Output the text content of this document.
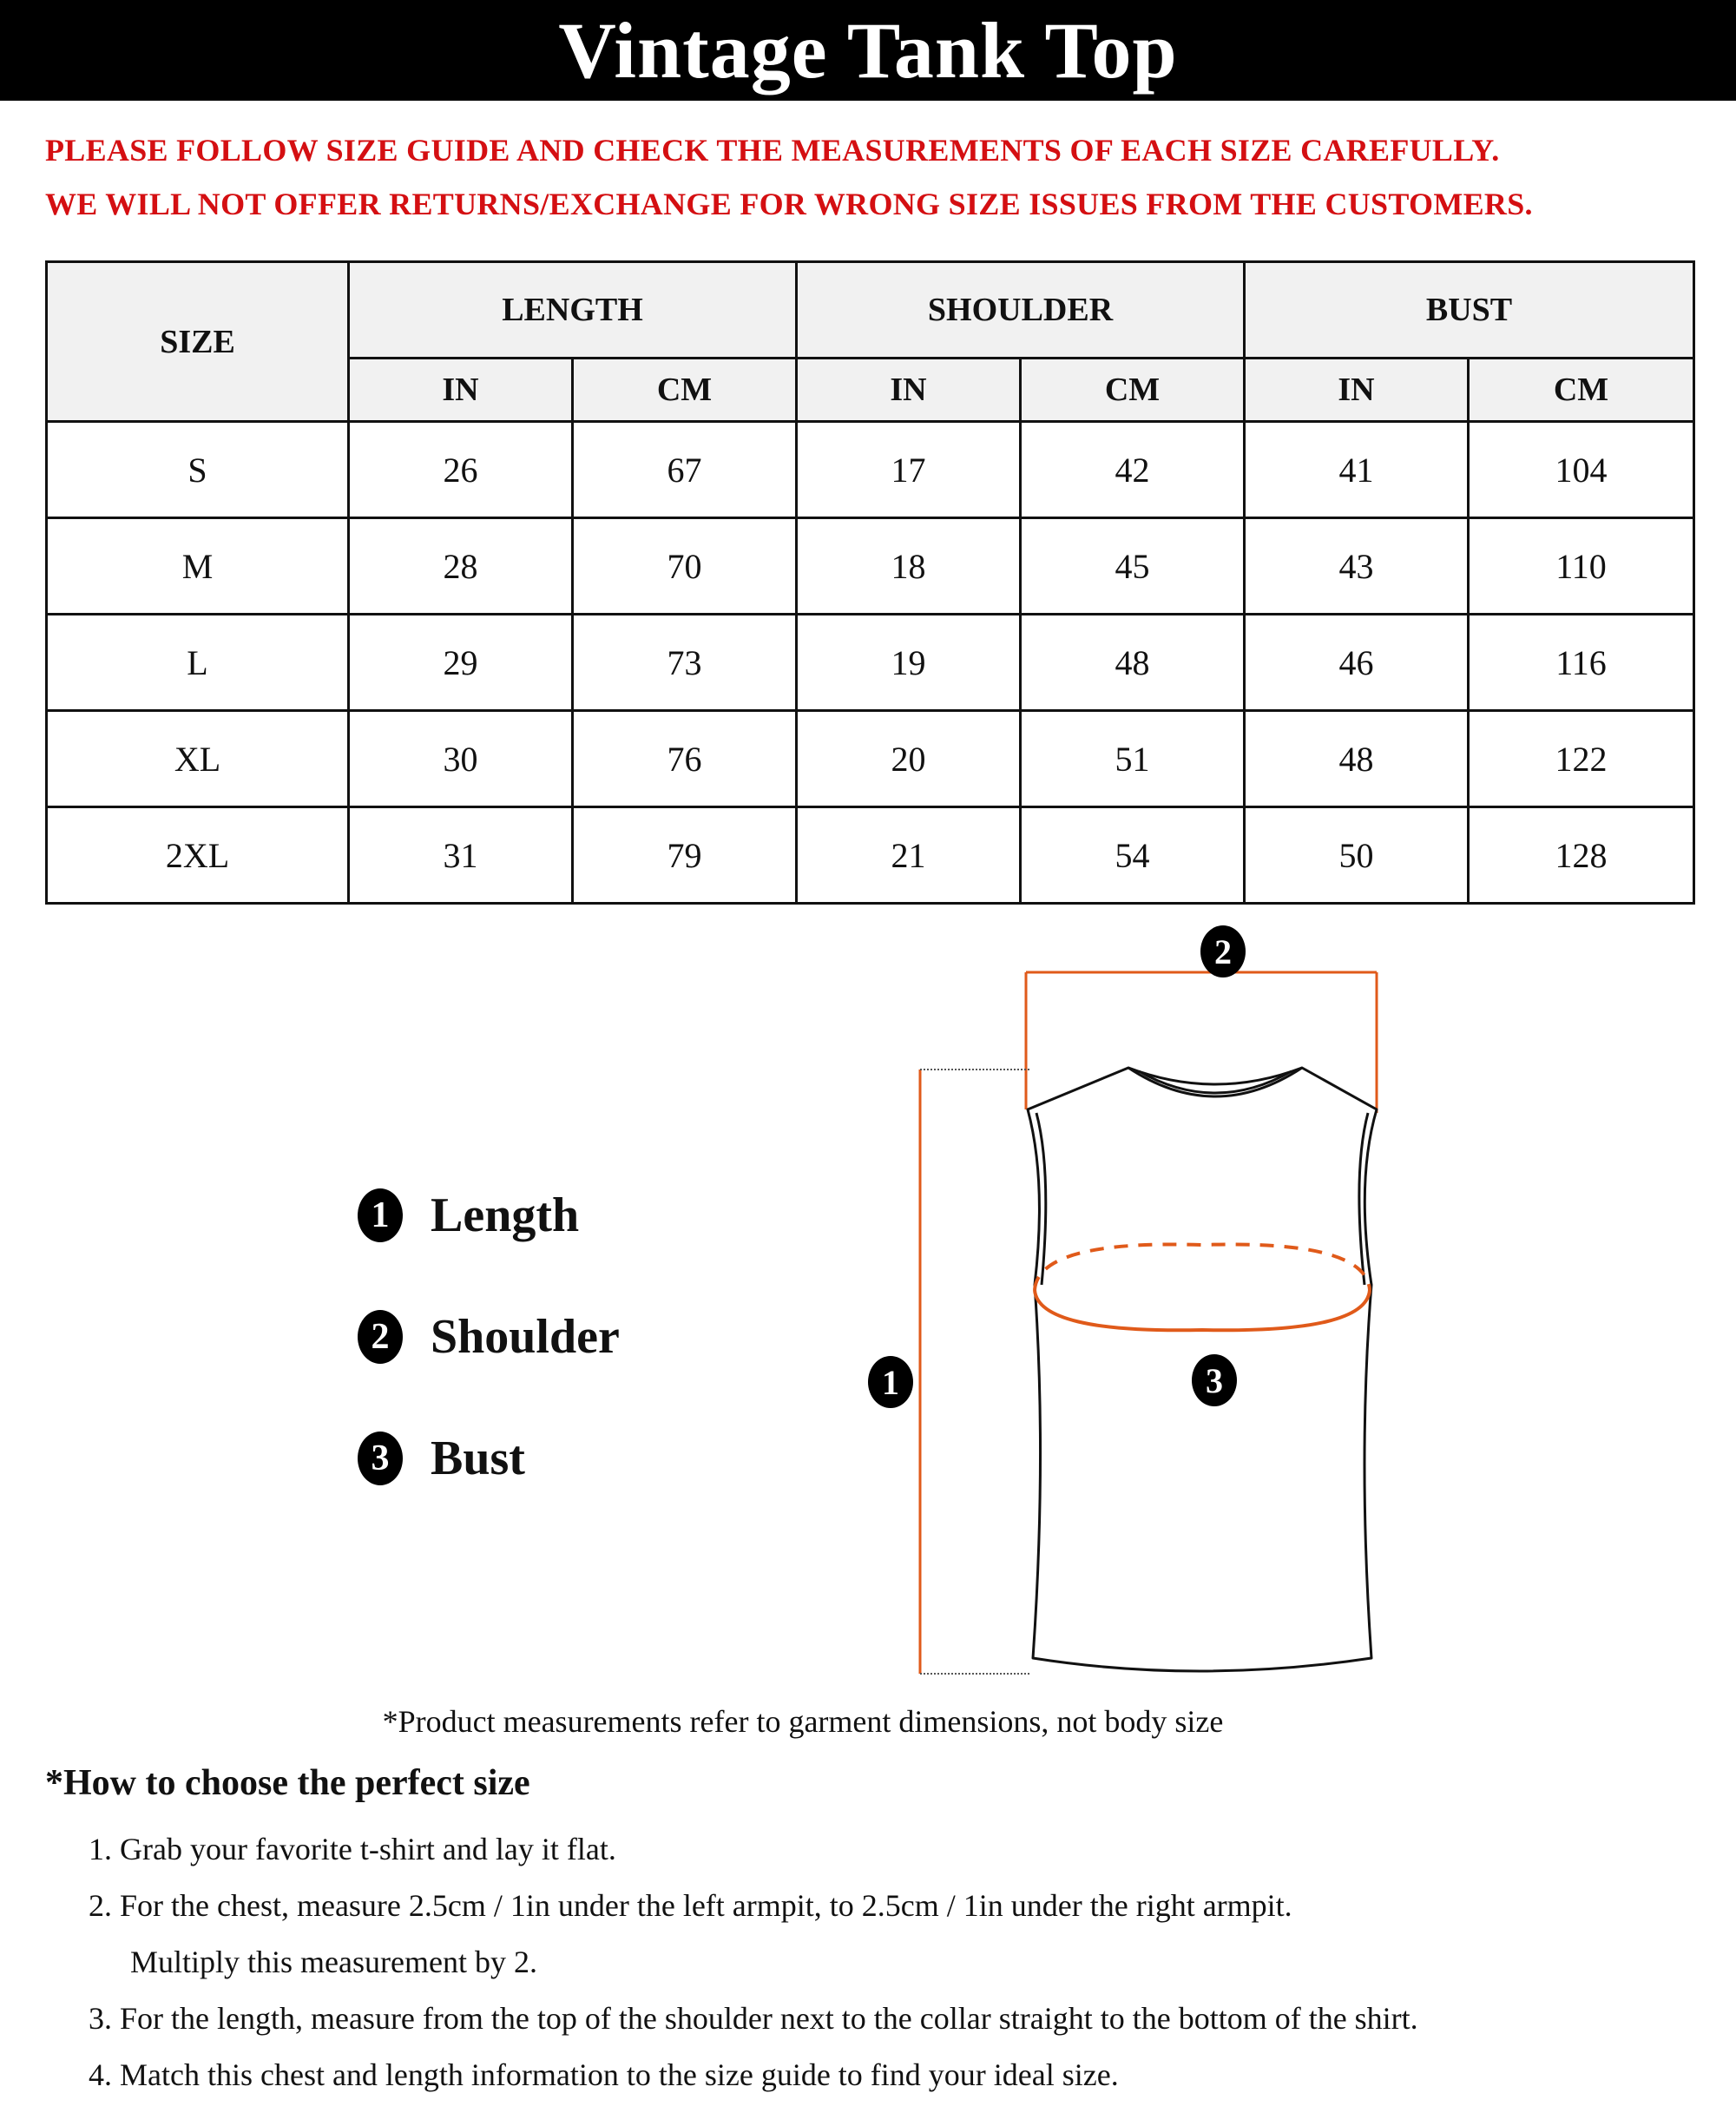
Vintage Tank Top
PLEASE FOLLOW SIZE GUIDE AND CHECK THE MEASUREMENTS OF EACH SIZE CAREFULLY.
WE WILL NOT OFFER RETURNS/EXCHANGE FOR WRONG SIZE ISSUES FROM THE CUSTOMERS.
SIZE	LENGTH		SHOULDER		BUST	
	IN	CM	IN	CM	IN	CM
S	26	67	17	42	41	104
M	28	70	18	45	43	110
L	29	73	19	48	46	116
XL	30	76	20	51	48	122
2XL	31	79	21	54	50	128
1 Length
2 Shoulder
3 Bust
2
1	3
*Product measurements refer to garment dimensions, not body size
*How to choose the perfect size
1. Grab your favorite t-shirt and lay it flat.
2. For the chest, measure 2.5cm / 1in under the left armpit, to 2.5cm / 1in under the right armpit.
Multiply this measurement by 2.
3. For the length, measure from the top of the shoulder next to the collar straight to the bottom of the shirt.
4. Match this chest and length information to the size guide to find your ideal size.
